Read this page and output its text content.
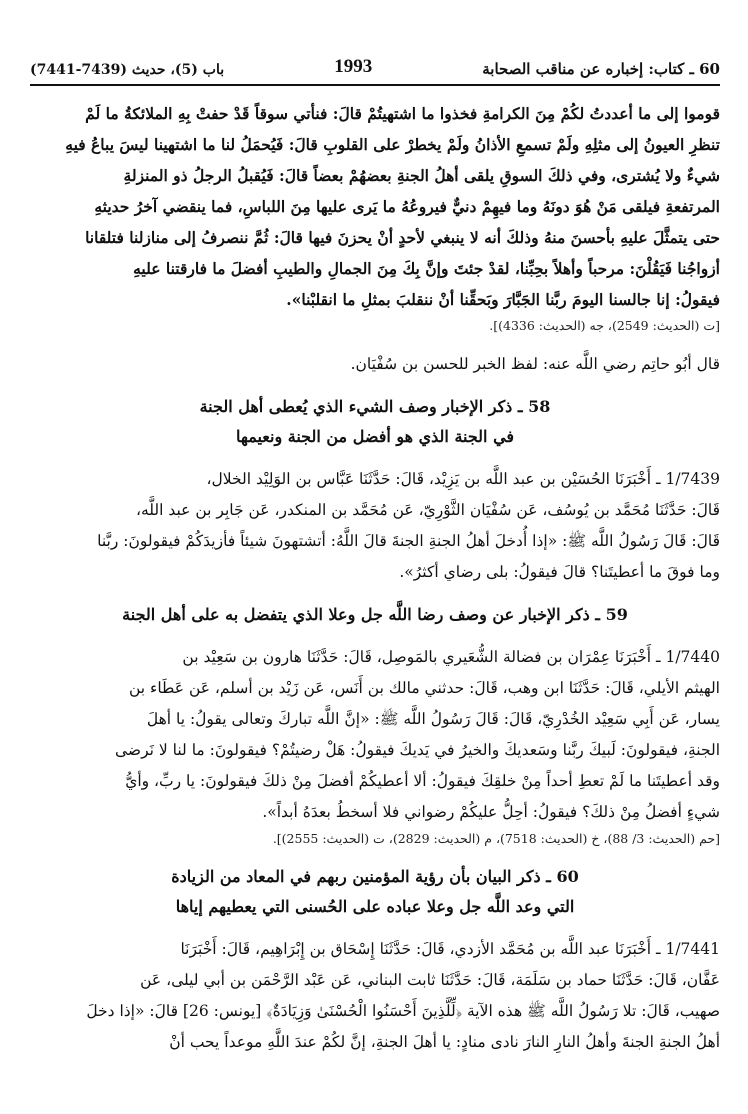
60 ـ كتاب: إخباره عن مناقب الصحابة
1993
باب (5)، حديث (7439-7441)
قوموا إلى ما أعددتُ لكُمْ مِنَ الكرامةِ فخذوا ما اشتهيتُمْ قالَ: فنأتي سوقاً قَدْ حفتْ بِهِ الملائكةُ ما لَمْ
تنظرِ العيونُ إلى مثلِهِ ولَمْ تسمعِ الأذانُ ولَمْ يخطرْ على القلوبِ قالَ: فَيُحمَلُ لنا ما اشتهينا ليسَ يباعُ فيهِ
شيءٌ ولا يُشترى، وفي ذلكَ السوقِ يلقى أهلُ الجنةِ بعضهُمْ بعضاً قالَ: فَيُقبلُ الرجلُ ذو المنزلةِ
المرتفعةِ فيلقى مَنْ هُوَ دونَهُ وما فيهِمْ دنيٌّ فيروعُهُ ما يَرى عليها مِنَ اللباسِ، فما ينقضي آخرُ حديثهِ
حتى يتمثَّلَ عليهِ بأحسنَ منهُ وذلكَ أنه لا ينبغي لأحدٍ أنْ يحزنَ فيها قالَ: ثُمَّ ننصرفُ إلى منازلنا فتلقانا
أزواجُنا فَيَقُلْنَ: مرحباً وأهلاً بحِبِّنا، لقدْ جئتَ وإنَّ بِكَ مِنَ الجمالِ والطيبِ أفضلَ ما فارقتنا عليهِ
فيقولُ: إنا جالسنا اليومَ ربَّنا الجَبَّارَ وبَحقِّنا أنْ ننقلبَ بمثلِ ما انقلبْنا».
[ت (الحديث: 2549)، جه (الحديث: 4336)].
قال أبُو حاتِم رضي اللَّه عنه: لفظ الخبر للحسن بن سُفْيَان.
58 ـ ذكر الإخبار وصف الشيء الذي يُعطى أهل الجنة
في الجنة الذي هو أفضل من الجنة ونعيمها
1/7439 ـ أَخْبَرَنَا الحُسَيْن بن عبد اللَّه بن يَزِيْد، قَالَ: حَدَّثَنَا عَبَّاس بن الوَلِيْد الخلال،
قَالَ: حَدَّثَنَا مُحَمَّد بن يُوسُف، عَن سُفْيَان الثَّوْرِيّ، عَن مُحَمَّد بن المنكدر، عَن جَابِر بن عبد اللَّه،
قَالَ: قَالَ رَسُولُ اللَّه ﷺ: «إذا أُدخلَ أهلُ الجنةِ الجنةَ قالَ اللَّهُ: أتشتهونَ شيئاً فأزيدَكُمْ فيقولونَ: ربَّنا
وما فوقَ ما أعطيتَنا؟ قالَ فيقولُ: بلى رضاي أكثرُ».
59 ـ ذكر الإخبار عن وصف رضا اللَّه جل وعلا الذي يتفضل به على أهل الجنة
1/7440 ـ أَخْبَرَنَا عِمْرَان بن فضالة الشُّعَيري بالمَوصِل، قَالَ: حَدَّثَنَا هارون بن سَعِيْد بن
الهيثم الأيلي، قَالَ: حَدَّثَنَا ابن وهب، قَالَ: حدثني مالك بن أَنَس، عَن زَيْد بن أسلم، عَن عَطَاء بن
يسار، عَن أَبِي سَعِيْد الخُدْرِيّ، قَالَ: قَالَ رَسُولُ اللَّه ﷺ: «إنَّ اللَّه تباركَ وتعالى يقولُ: يا أهلَ
الجنةِ، فيقولونَ: لَبيكَ ربَّنا وسَعديكَ والخيرُ في يَديكَ فيقولُ: هَلْ رضيتُمْ؟ فيقولونَ: ما لنا لا نَرضى
وقد أعطيتَنا ما لَمْ تعطِ أحداً مِنْ خلقِكَ فيقولُ: ألا أعطيكُمْ أفضلَ مِنْ ذلكَ فيقولونَ: يا ربِّ، وأيُّ
شيءٍ أفضلُ مِنْ ذلكَ؟ فيقولُ: أحِلُّ عليكُمْ رضواني فلا أسخطُ بعدَهُ أبداً».
[حم (الحديث: 3/ 88)، خ (الحديث: 7518)، م (الحديث: 2829)، ت (الحديث: 2555)].
60 ـ ذكر البيان بأن رؤية المؤمنين ربهم في المعاد من الزيادة
التي وعد اللَّه جل وعلا عباده على الحُسنى التي يعطيهم إياها
1/7441 ـ أَخْبَرَنَا عبد اللَّه بن مُحَمَّد الأزدي، قَالَ: حَدَّثَنَا إِسْحَاق بن إِبْرَاهِيم، قَالَ: أَخْبَرَنَا
عَفَّان، قَالَ: حَدَّثَنَا حماد بن سَلَمَة، قَالَ: حَدَّثَنَا ثابت البناني، عَن عَبْد الرَّحْمَن بن أبي ليلى، عَن
صهيب، قَالَ: تلا رَسُولُ اللَّه ﷺ هذه الآية ﴿لِّلَّذِينَ أَحْسَنُوا الْحُسْنَىٰ وَزِيَادَةٌ﴾ [يونس: 26] قالَ: «إذا دخلَ
أهلُ الجنةِ الجنةَ وأهلُ النارِ النارَ نادى منادٍ: يا أهلَ الجنةِ، إنَّ لكُمْ عندَ اللَّهِ موعداً يحب أنْ
